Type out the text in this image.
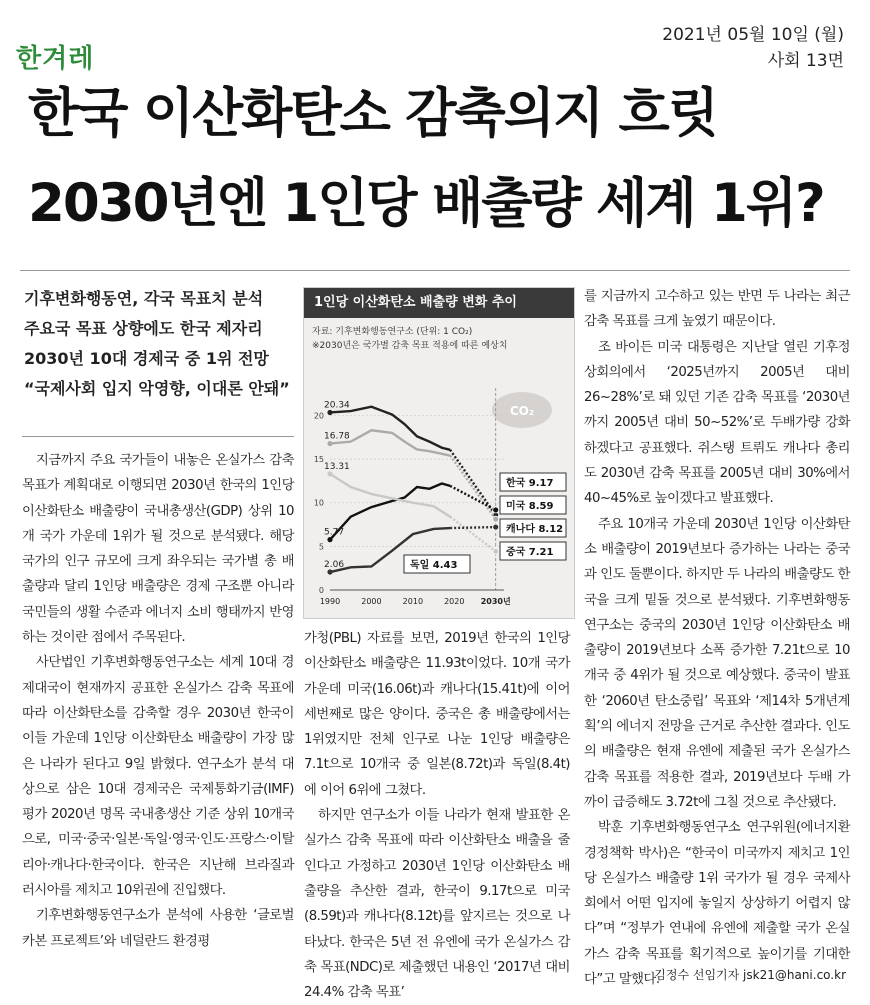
한겨레
2021년 05월 10일 (월)
사회 13면
한국 이산화탄소 감축의지 흐릿
2030년엔 1인당 배출량 세계 1위?
기후변화행동연, 각국 목표치 분석
주요국 목표 상향에도 한국 제자리
2030년 10대 경제국 중 1위 전망
“국제사회 입지 악영향, 이대론 안돼”
1인당 이산화탄소 배출량 변화 추이
자료: 기후변화행동연구소 (단위: 1 CO₂)
※2030년은 국가별 감축 목표 적용에 따른 예상치
CO₂
0
5
10
15
20
1990	2000	2010	2020 2030년
20.34
16.78
5.77
13.31
2.06
한국 9.17
미국 8.59
캐나다 8.12
중국 7.21
독일 4.43

지금까지 주요 국가들이 내놓은 온실가스 감축 목표가 계획대로 이행되면 2030년 한국의 1인당 이산화탄소 배출량이 국내총생산(GDP) 상위 10개 국가 가운데 1위가 될 것으로 분석됐다. 해당 국가의 인구 규모에 크게 좌우되는 국가별 총 배출량과 달리 1인당 배출량은 경제 구조뿐 아니라 국민들의 생활 수준과 에너지 소비 행태까지 반영하는 것이란 점에서 주목된다.

사단법인 기후변화행동연구소는 세계 10대 경제대국이 현재까지 공표한 온실가스 감축 목표에 따라 이산화탄소를 감축할 경우 2030년 한국이 이들 가운데 1인당 이산화탄소 배출량이 가장 많은 나라가 된다고 9일 밝혔다. 연구소가 분석 대상으로 삼은 10대 경제국은 국제통화기금(IMF) 평가 2020년 명목 국내총생산 기준 상위 10개국으로, 미국·중국·일본·독일·영국·인도·프랑스·이탈리아·캐나다·한국이다. 한국은 지난해 브라질과 러시아를 제치고 10위권에 진입했다.

기후변화행동연구소가 분석에 사용한 ‘글로벌 카본 프로젝트’와 네덜란드 환경평

가청(PBL) 자료를 보면, 2019년 한국의 1인당 이산화탄소 배출량은 11.93t이었다. 10개 국가 가운데 미국(16.06t)과 캐나다(15.41t)에 이어 세번째로 많은 양이다. 중국은 총 배출량에서는 1위였지만 전체 인구로 나눈 1인당 배출량은 7.1t으로 10개국 중 일본(8.72t)과 독일(8.4t)에 이어 6위에 그쳤다.

하지만 연구소가 이들 나라가 현재 발표한 온실가스 감축 목표에 따라 이산화탄소 배출을 줄인다고 가정하고 2030년 1인당 이산화탄소 배출량을 추산한 결과, 한국이 9.17t으로 미국(8.59t)과 캐나다(8.12t)를 앞지르는 것으로 나타났다. 한국은 5년 전 유엔에 국가 온실가스 감축 목표(NDC)로 제출했던 내용인 ‘2017년 대비 24.4% 감축 목표’

를 지금까지 고수하고 있는 반면 두 나라는 최근 감축 목표를 크게 높였기 때문이다.

조 바이든 미국 대통령은 지난달 열린 기후정상회의에서 ‘2025년까지 2005년 대비 26~28%’로 돼 있던 기존 감축 목표를 ‘2030년까지 2005년 대비 50~52%’로 두배가량 강화하겠다고 공표했다. 쥐스탱 트뤼도 캐나다 총리도 2030년 감축 목표를 2005년 대비 30%에서 40~45%로 높이겠다고 발표했다.

주요 10개국 가운데 2030년 1인당 이산화탄소 배출량이 2019년보다 증가하는 나라는 중국과 인도 둘뿐이다. 하지만 두 나라의 배출량도 한국을 크게 밑돌 것으로 분석됐다. 기후변화행동연구소는 중국의 2030년 1인당 이산화탄소 배출량이 2019년보다 소폭 증가한 7.21t으로 10개국 중 4위가 될 것으로 예상했다. 중국이 발표한 ‘2060년 탄소중립’ 목표와 ‘제14차 5개년계획’의 에너지 전망을 근거로 추산한 결과다. 인도의 배출량은 현재 유엔에 제출된 국가 온실가스 감축 목표를 적용한 결과, 2019년보다 두배 가까이 급증해도 3.72t에 그칠 것으로 추산됐다.

박훈 기후변화행동연구소 연구위원(에너지환경정책학 박사)은 “한국이 미국까지 제치고 1인당 온실가스 배출량 1위 국가가 될 경우 국제사회에서 어떤 입지에 놓일지 상상하기 어렵지 않다”며 “정부가 연내에 유엔에 제출할 국가 온실가스 감축 목표를 획기적으로 높이기를 기대한다”고 말했다.

김정수 선임기자 jsk21@hani.co.kr
